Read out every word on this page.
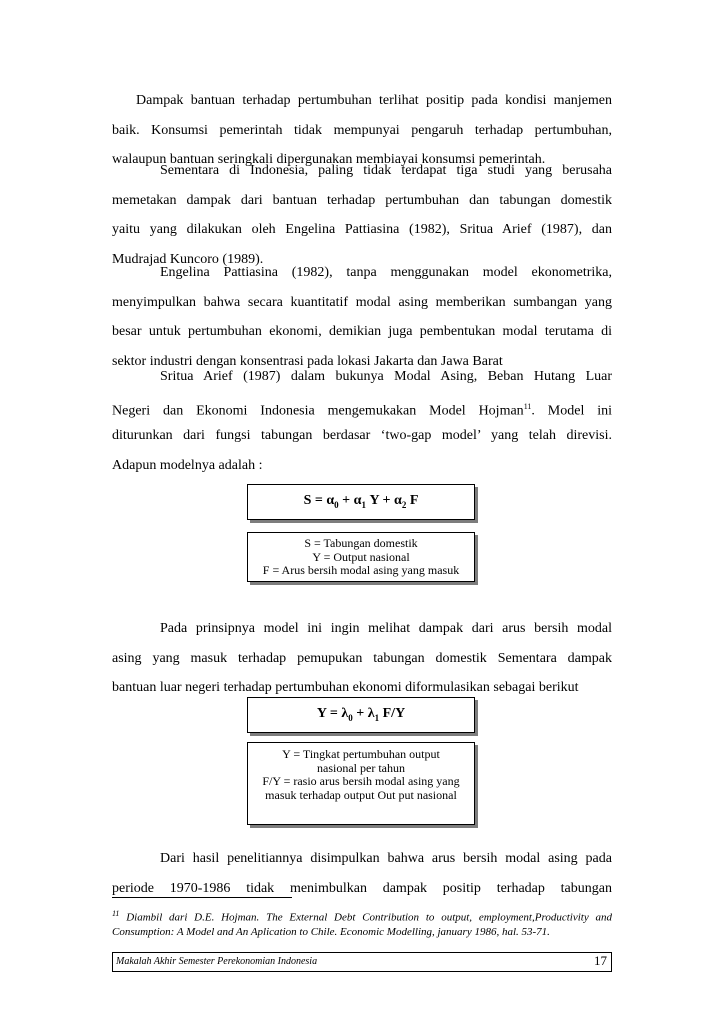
Dampak bantuan terhadap pertumbuhan terlihat positip pada kondisi manjemen
baik. Konsumsi pemerintah tidak mempunyai pengaruh terhadap pertumbuhan,
walaupun bantuan seringkali dipergunakan membiayai konsumsi pemerintah.
Sementara di Indonesia, paling tidak terdapat tiga studi yang berusaha
memetakan dampak dari bantuan terhadap pertumbuhan dan tabungan domestik
yaitu yang dilakukan oleh Engelina Pattiasina (1982), Sritua Arief (1987), dan
Mudrajad Kuncoro (1989).
Engelina Pattiasina (1982), tanpa menggunakan model ekonometrika,
menyimpulkan bahwa secara kuantitatif modal asing memberikan sumbangan yang
besar untuk pertumbuhan ekonomi, demikian juga pembentukan modal terutama di
sektor industri dengan konsentrasi pada lokasi Jakarta dan Jawa Barat
Sritua Arief (1987) dalam bukunya Modal Asing, Beban Hutang Luar
Negeri dan Ekonomi Indonesia mengemukakan Model Hojman$^{11}$. Model ini
diturunkan dari fungsi tabungan berdasar ‘two-gap model’ yang telah direvisi.
Adapun modelnya adalah :
$S = \alpha_0 + \alpha_1$ $Y + \alpha_2$ F
S = Tabungan domestik
Y = Output nasional
F = Arus bersih modal asing yang masuk
Pada prinsipnya model ini ingin melihat dampak dari arus bersih modal
asing yang masuk terhadap pemupukan tabungan domestik Sementara dampak
bantuan luar negeri terhadap pertumbuhan ekonomi diformulasikan sebagai berikut
$Y = \lambda_0 + \lambda_1$ F/Y
Y = Tingkat pertumbuhan output
nasional per tahun
F/Y = rasio arus bersih modal asing yang
masuk terhadap output Out put nasional
Dari hasil penelitiannya disimpulkan bahwa arus bersih modal asing pada
periode 1970-1986 tidak menimbulkan dampak positip terhadap tabungan
$^{11}$ Diambil dari D.E. Hojman. The External Debt Contribution to output, employment,Productivity and Consumption: A Model and An Aplication to Chile. Economic Modelling, january 1986, hal. 53-71.
Makalah Akhir Semester Perekonomian Indonesia	17
